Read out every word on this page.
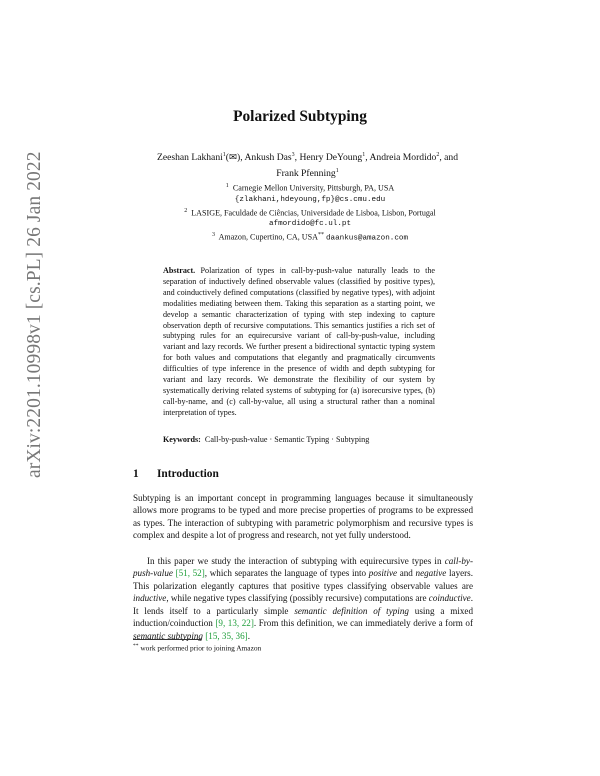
arXiv:2201.10998v1 [cs.PL] 26 Jan 2022
Polarized Subtyping
Zeeshan Lakhani$^1$(✉), Ankush Das$^3$, Henry DeYoung$^1$, Andreia Mordido$^2$, and
Frank Pfenning$^1$
$^1$ Carnegie Mellon University, Pittsburgh, PA, USA
{zlakhani,hdeyoung,fp}@cs.cmu.edu
$^2$ LASIGE, Faculdade de Ciências, Universidade de Lisboa, Lisbon, Portugal
afmordido@fc.ul.pt
$^3$ Amazon, Cupertino, CA, USA** daankus@amazon.com
Abstract. Polarization of types in call-by-push-value naturally leads to the separation of inductively defined observable values (classified by positive types), and coinductively defined computations (classified by negative types), with adjoint modalities mediating between them. Taking this separation as a starting point, we develop a semantic characterization of typing with step indexing to capture observation depth of recursive computations. This semantics justifies a rich set of subtyping rules for an equirecursive variant of call-by-push-value, including variant and lazy records. We further present a bidirectional syntactic typing system for both values and computations that elegantly and pragmatically circumvents difficulties of type inference in the presence of width and depth subtyping for variant and lazy records. We demonstrate the flexibility of our system by systematically deriving related systems of subtyping for (a) isorecursive types, (b) call-by-name, and (c) call-by-value, all using a structural rather than a nominal interpretation of types.
Keywords: Call-by-push-value · Semantic Typing · Subtyping
1 Introduction
Subtyping is an important concept in programming languages because it simultaneously allows more programs to be typed and more precise properties of programs to be expressed as types. The interaction of subtyping with parametric polymorphism and recursive types is complex and despite a lot of progress and research, not yet fully understood.
In this paper we study the interaction of subtyping with equirecursive types in call-by-push-value [51, 52], which separates the language of types into positive and negative layers. This polarization elegantly captures that positive types classifying observable values are inductive, while negative types classifying (possibly recursive) computations are coinductive. It lends itself to a particularly simple semantic definition of typing using a mixed induction/coinduction [9, 13, 22]. From this definition, we can immediately derive a form of semantic subtyping [15, 35, 36].
** work performed prior to joining Amazon
